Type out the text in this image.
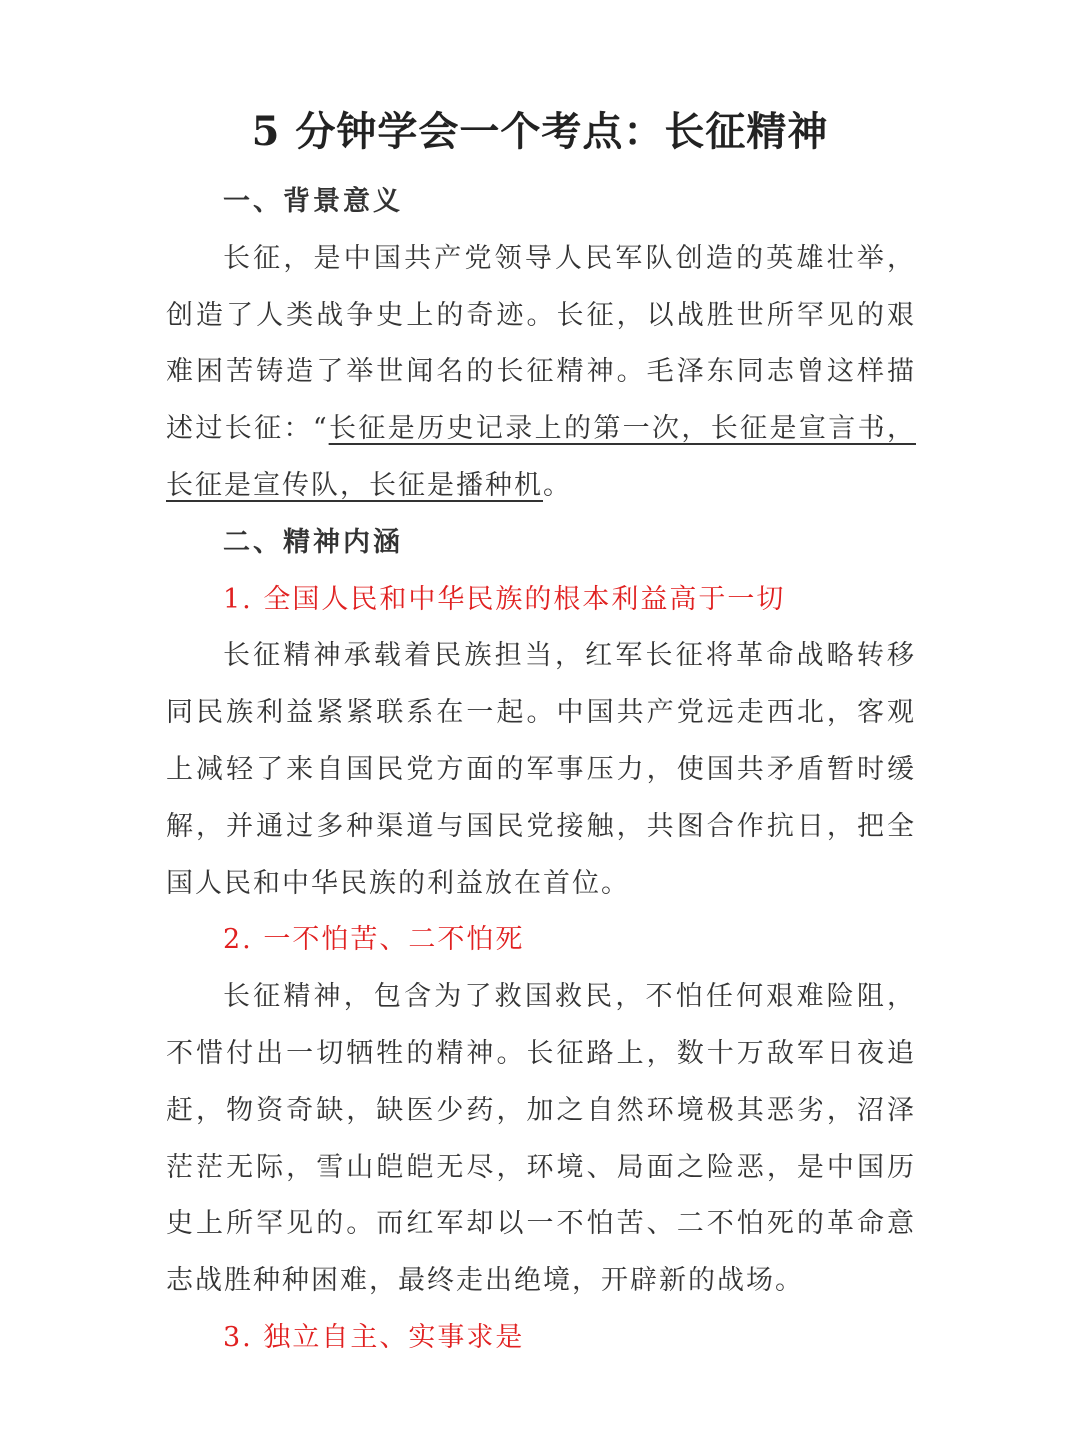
5 分钟学会一个考点：长征精神
一、背景意义

长征，是中国共产党领导人民军队创造的英雄壮举，创造了人类战争史上的奇迹。长征，以战胜世所罕见的艰难困苦铸造了举世闻名的长征精神。毛泽东同志曾这样描述过长征：“长征是历史记录上的第一次，长征是宣言书，长征是宣传队，长征是播种机。

二、精神内涵
1. 全国人民和中华民族的根本利益高于一切

长征精神承载着民族担当，红军长征将革命战略转移同民族利益紧紧联系在一起。中国共产党远走西北，客观上减轻了来自国民党方面的军事压力，使国共矛盾暂时缓解，并通过多种渠道与国民党接触，共图合作抗日，把全国人民和中华民族的利益放在首位。

2. 一不怕苦、二不怕死

长征精神，包含为了救国救民，不怕任何艰难险阻，不惜付出一切牺牲的精神。长征路上，数十万敌军日夜追赶，物资奇缺，缺医少药，加之自然环境极其恶劣，沼泽茫茫无际，雪山皑皑无尽，环境、局面之险恶，是中国历史上所罕见的。而红军却以一不怕苦、二不怕死的革命意志战胜种种困难，最终走出绝境，开辟新的战场。

3. 独立自主、实事求是
